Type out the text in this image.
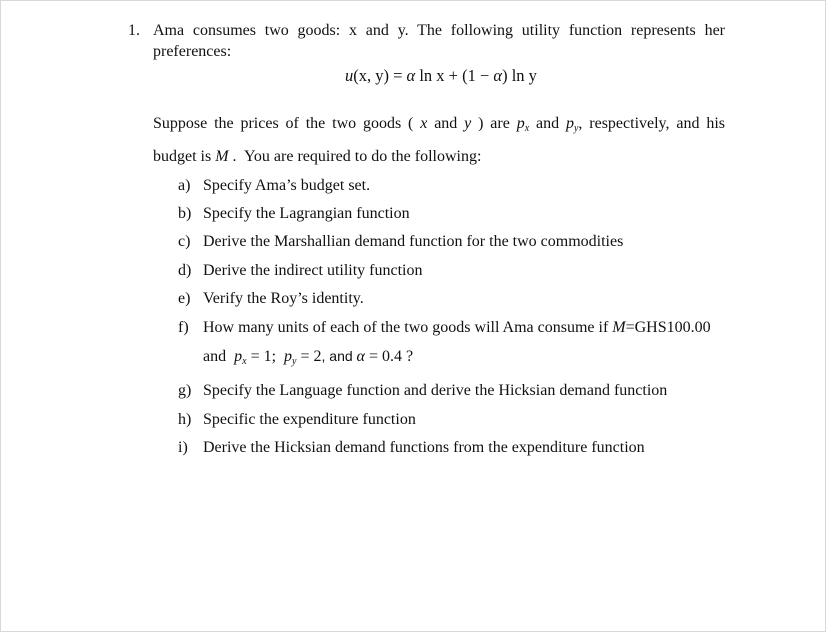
1. Ama consumes two goods: x and y. The following utility function represents her
preferences:
u(x, y) = α ln x + (1 − α) ln y
Suppose the prices of the two goods ( x and y ) are $p_x$ and $p_y$, respectively, and his
budget is M .  You are required to do the following:
a) Specify Ama’s budget set.
b) Specify the Lagrangian function
c) Derive the Marshallian demand function for the two commodities
d) Derive the indirect utility function
e) Verify the Roy’s identity.
f) How many units of each of the two goods will Ama consume if M=GHS100.00
and  $p_x = 1$;  $p_y = 2$, and α = 0.4 ?
g) Specify the Language function and derive the Hicksian demand function
h) Specific the expenditure function
i) Derive the Hicksian demand functions from the expenditure function
